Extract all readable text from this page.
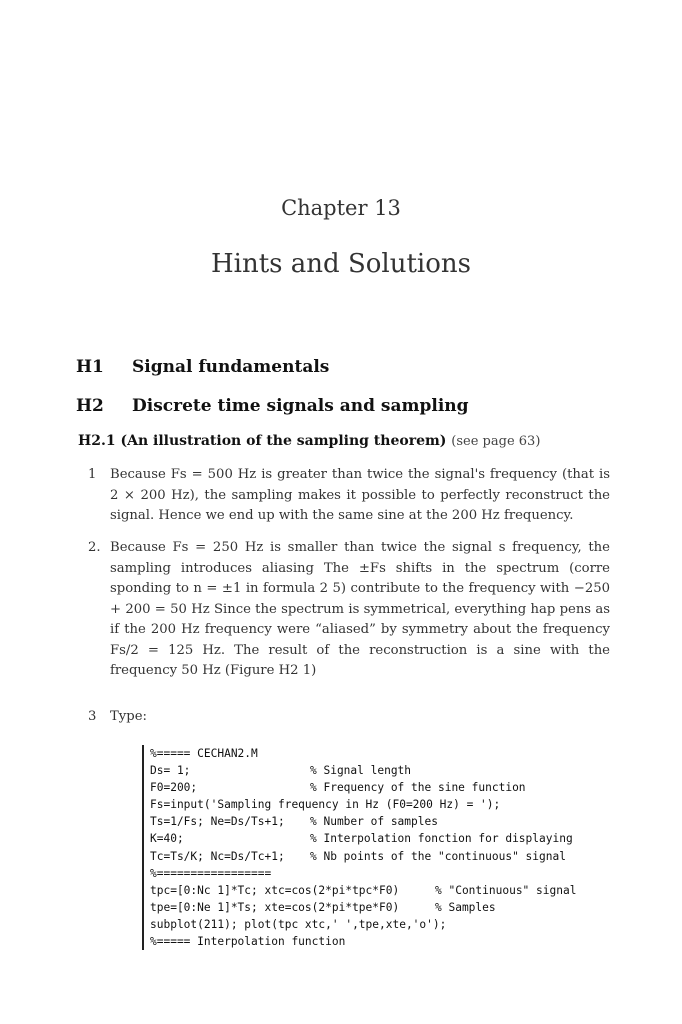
Chapter 13
Hints and Solutions
H1 Signal fundamentals
H2 Discrete time signals and sampling
H2.1 (An illustration of the sampling theorem) (see page 63)
1 Because Fs = 500 Hz is greater than twice the signal's frequency (that is 2 × 200 Hz), the sampling makes it possible to perfectly reconstruct the signal. Hence we end up with the same sine at the 200 Hz frequency.

2. Because Fs = 250 Hz is smaller than twice the signal s frequency, the sampling introduces aliasing The ±Fs shifts in the spectrum (corre sponding to n = ±1 in formula 2 5) contribute to the frequency with −250 + 200 = 50 Hz Since the spectrum is symmetrical, everything hap pens as if the 200 Hz frequency were “aliased” by symmetry about the frequency Fs/2 = 125 Hz. The result of the reconstruction is a sine with the frequency 50 Hz (Figure H2 1)

3 Type:

%===== CECHAN2.M
Ds= 1;	% Signal length
F0=200;	% Frequency of the sine function
Fs=input('Sampling frequency in Hz (F0=200 Hz) = ');
Ts=1/Fs; Ne=Ds/Ts+1;	% Number of samples
K=40;	% Interpolation fonction for displaying
Tc=Ts/K; Nc=Ds/Tc+1;	% Nb points of the "continuous" signal
%=================
tpc=[0:Nc 1]*Tc; xtc=cos(2*pi*tpc*F0)	% "Continuous" signal
tpe=[0:Ne 1]*Ts; xte=cos(2*pi*tpe*F0)	% Samples
subplot(211); plot(tpc xtc,' ',tpe,xte,'o');
%===== Interpolation function
